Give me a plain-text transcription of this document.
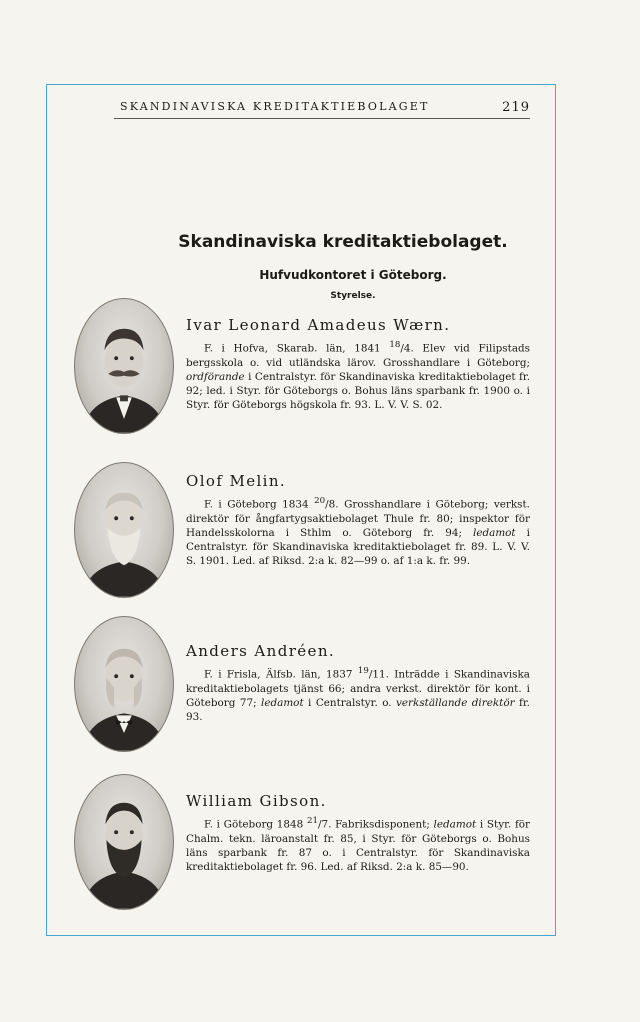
SKANDINAVISKA KREDITAKTIEBOLAGET	219
Skandinaviska kreditaktiebolaget.
Hufvudkontoret i Göteborg.
Styrelse.
Ivar Leonard Amadeus Wærn.
F. i Hofva, Skarab. län, 1841 $^{18}$/4. Elev vid Filipstads bergsskola o. vid utländska lärov. Grosshandlare i Göteborg; ordförande i Centralstyr. för Skandinaviska kreditaktiebolaget fr. 92; led. i Styr. för Göteborgs o. Bohus läns sparbank fr. 1900 o. i Styr. för Göteborgs högskola fr. 93. L. V. V. S. 02.
Olof Melin.
F. i Göteborg 1834 $^{20}$/8. Grosshandlare i Göteborg; verkst. direktör för ångfartygsaktiebolaget Thule fr. 80; inspektor för Handelsskolorna i Sthlm o. Göteborg fr. 94; ledamot i Centralstyr. för Skandinaviska kreditaktiebolaget fr. 89. L. V. V. S. 1901. Led. af Riksd. 2:a k. 82—99 o. af 1:a k. fr. 99.
Anders Andréen.
F. i Frisla, Älfsb. län, 1837 $^{19}$/11. Inträdde i Skandinaviska kreditaktiebolagets tjänst 66; andra verkst. direktör för kont. i Göteborg 77; ledamot i Centralstyr. o. verkställande direktör fr. 93.
William Gibson.
F. i Göteborg 1848 $^{21}$/7. Fabriksdisponent; ledamot i Styr. för Chalm. tekn. läroanstalt fr. 85, i Styr. för Göteborgs o. Bohus läns sparbank fr. 87 o. i Centralstyr. för Skandinaviska kreditaktiebolaget fr. 96. Led. af Riksd. 2:a k. 85—90.
